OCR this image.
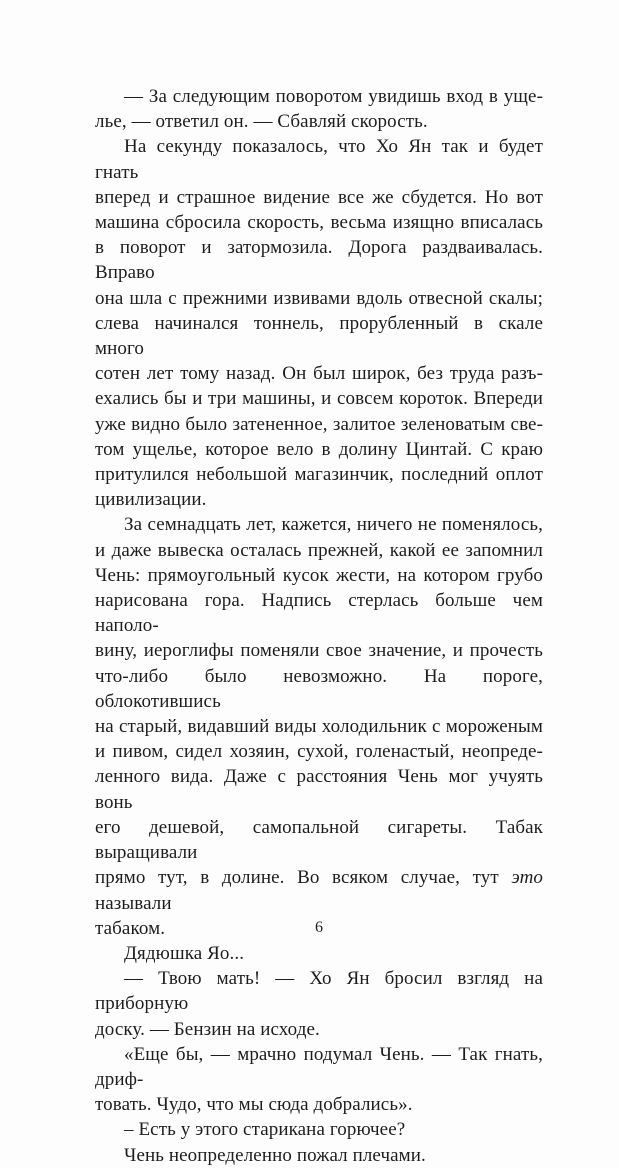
— За следующим поворотом увидишь вход в уще-
лье, — ответил он. — Сбавляй скорость.
На секунду показалось, что Хо Ян так и будет гнать
вперед и страшное видение все же сбудется. Но вот
машина сбросила скорость, весьма изящно вписалась
в поворот и затормозила. Дорога раздваивалась. Вправо
она шла с прежними извивами вдоль отвесной скалы;
слева начинался тоннель, прорубленный в скале много
сотен лет тому назад. Он был широк, без труда разъ-
ехались бы и три машины, и совсем короток. Впереди
уже видно было затененное, залитое зеленоватым све-
том ущелье, которое вело в долину Цинтай. С краю
притулился небольшой магазинчик, последний оплот
цивилизации.
За семнадцать лет, кажется, ничего не поменялось,
и даже вывеска осталась прежней, какой ее запомнил
Чень: прямоугольный кусок жести, на котором грубо
нарисована гора. Надпись стерлась больше чем наполо-
вину, иероглифы поменяли свое значение, и прочесть
что-либо было невозможно. На пороге, облокотившись
на старый, видавший виды холодильник с мороженым
и пивом, сидел хозяин, сухой, голенастый, неопреде-
ленного вида. Даже с расстояния Чень мог учуять вонь
его дешевой, самопальной сигареты. Табак выращивали
прямо тут, в долине. Во всяком случае, тут это называли
табаком.
Дядюшка Яо...
— Твою мать! — Хо Ян бросил взгляд на приборную
доску. — Бензин на исходе.
«Еще бы, — мрачно подумал Чень. — Так гнать, дриф-
товать. Чудо, что мы сюда добрались».
– Есть у этого старикана горючее?
Чень неопределенно пожал плечами.
6
